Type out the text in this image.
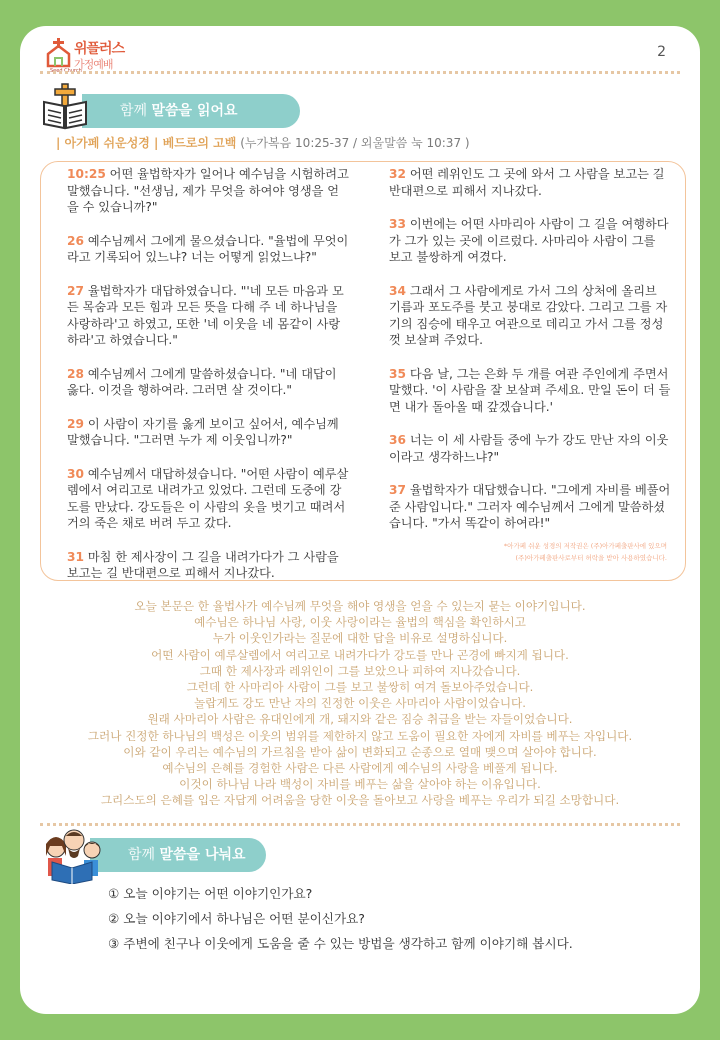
위플러스
가정예배
Seed Church
2
함께 말씀을 읽어요
| 아가페 쉬운성경 | 베드로의 고백 (누가복음 10:25-37 / 외울말씀 눅 10:37 )
10:25 어떤 율법학자가 일어나 예수님을 시험하려고 말했습니다. "선생님, 제가 무엇을 하여야 영생을 얻을 수 있습니까?"
26 예수님께서 그에게 물으셨습니다. "율법에 무엇이라고 기록되어 있느냐? 너는 어떻게 읽었느냐?"
27 율법학자가 대답하였습니다. "'네 모든 마음과 모든 목숨과 모든 힘과 모든 뜻을 다해 주 네 하나님을 사랑하라'고 하였고, 또한 '네 이웃을 네 몸같이 사랑하라'고 하였습니다."
28 예수님께서 그에게 말씀하셨습니다. "네 대답이 옳다. 이것을 행하여라. 그러면 살 것이다."
29 이 사람이 자기를 옳게 보이고 싶어서, 예수님께 말했습니다. "그러면 누가 제 이웃입니까?"
30 예수님께서 대답하셨습니다. "어떤 사람이 예루살렘에서 여리고로 내려가고 있었다. 그런데 도중에 강도를 만났다. 강도들은 이 사람의 옷을 벗기고 때려서 거의 죽은 채로 버려 두고 갔다.
31 마침 한 제사장이 그 길을 내려가다가 그 사람을 보고는 길 반대편으로 피해서 지나갔다.
32 어떤 레위인도 그 곳에 와서 그 사람을 보고는 길 반대편으로 피해서 지나갔다.
33 이번에는 어떤 사마리아 사람이 그 길을 여행하다가 그가 있는 곳에 이르렀다. 사마리아 사람이 그를 보고 불쌍하게 여겼다.
34 그래서 그 사람에게로 가서 그의 상처에 올리브 기름과 포도주를 붓고 붕대로 감았다. 그리고 그를 자기의 짐승에 태우고 여관으로 데리고 가서 그를 정성껏 보살펴 주었다.
35 다음 날, 그는 은화 두 개를 여관 주인에게 주면서 말했다. '이 사람을 잘 보살펴 주세요. 만일 돈이 더 들면 내가 돌아올 때 갚겠습니다.'
36 너는 이 세 사람들 중에 누가 강도 만난 자의 이웃이라고 생각하느냐?"
37 율법학자가 대답했습니다. "그에게 자비를 베풀어 준 사람입니다." 그러자 예수님께서 그에게 말씀하셨습니다. "가서 똑같이 하여라!"
*아가페 쉬운 성경의 저작권은 (주)아가페출판사에 있으며
(주)아가페출판사로부터 허락을 받아 사용하였습니다.
오늘 본문은 한 율법사가 예수님께 무엇을 해야 영생을 얻을 수 있는지 묻는 이야기입니다.
예수님은 하나님 사랑, 이웃 사랑이라는 율법의 핵심을 확인하시고
누가 이웃인가라는 질문에 대한 답을 비유로 설명하십니다.
어떤 사람이 예루살렘에서 여리고로 내려가다가 강도를 만나 곤경에 빠지게 됩니다.
그때 한 제사장과 레위인이 그를 보았으나 피하여 지나갔습니다.
그런데 한 사마리아 사람이 그를 보고 불쌍히 여겨 돌보아주었습니다.
놀랍게도 강도 만난 자의 진정한 이웃은 사마리아 사람이었습니다.
원래 사마리아 사람은 유대인에게 개, 돼지와 같은 짐승 취급을 받는 자들이었습니다.
그러나 진정한 하나님의 백성은 이웃의 범위를 제한하지 않고 도움이 필요한 자에게 자비를 베푸는 자입니다.
이와 같이 우리는 예수님의 가르침을 받아 삶이 변화되고 순종으로 열매 맺으며 살아야 합니다.
예수님의 은혜를 경험한 사람은 다른 사람에게 예수님의 사랑을 베풀게 됩니다.
이것이 하나님 나라 백성이 자비를 베푸는 삶을 살아야 하는 이유입니다.
그리스도의 은혜를 입은 자답게 어려움을 당한 이웃을 돌아보고 사랑을 베푸는 우리가 되길 소망합니다.
함께 말씀을 나눠요
① 오늘 이야기는 어떤 이야기인가요?
② 오늘 이야기에서 하나님은 어떤 분이신가요?
③ 주변에 친구나 이웃에게 도움을 줄 수 있는 방법을 생각하고 함께 이야기해 봅시다.
